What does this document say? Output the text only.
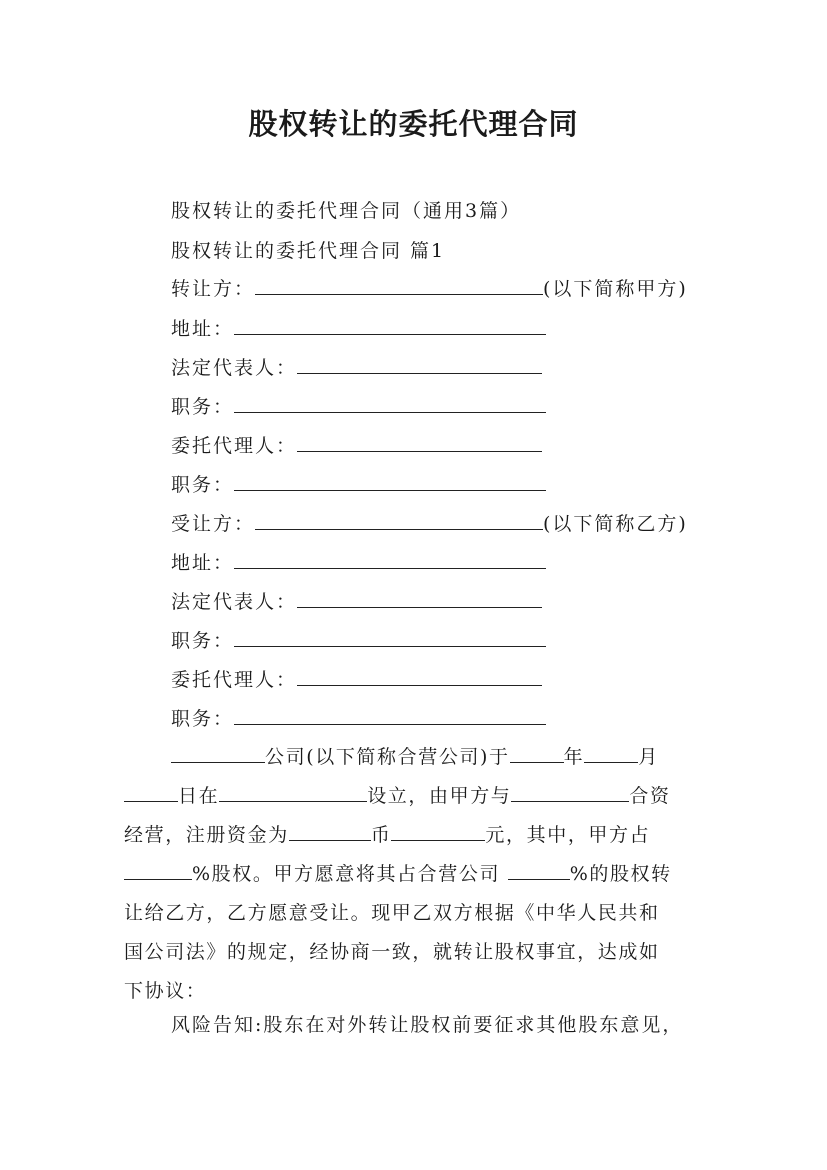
股权转让的委托代理合同
股权转让的委托代理合同（通用3篇）
股权转让的委托代理合同 篇1
转让方：	(以下简称甲方)
地址：
法定代表人：
职务：
委托代理人：
职务：
受让方：	(以下简称乙方)
地址：
法定代表人：
职务：
委托代理人：
职务：

公司(以下简称合营公司)于	年	月

日在	设立，由甲方与	合资

经营，注册资金为	币	元，其中，甲方占

%股权。甲方愿意将其占合营公司	%的股权转

让给乙方，乙方愿意受让。现甲乙双方根据《中华人民共和

国公司法》的规定，经协商一致，就转让股权事宜，达成如

下协议：

风险告知:股东在对外转让股权前要征求其他股东意见，
